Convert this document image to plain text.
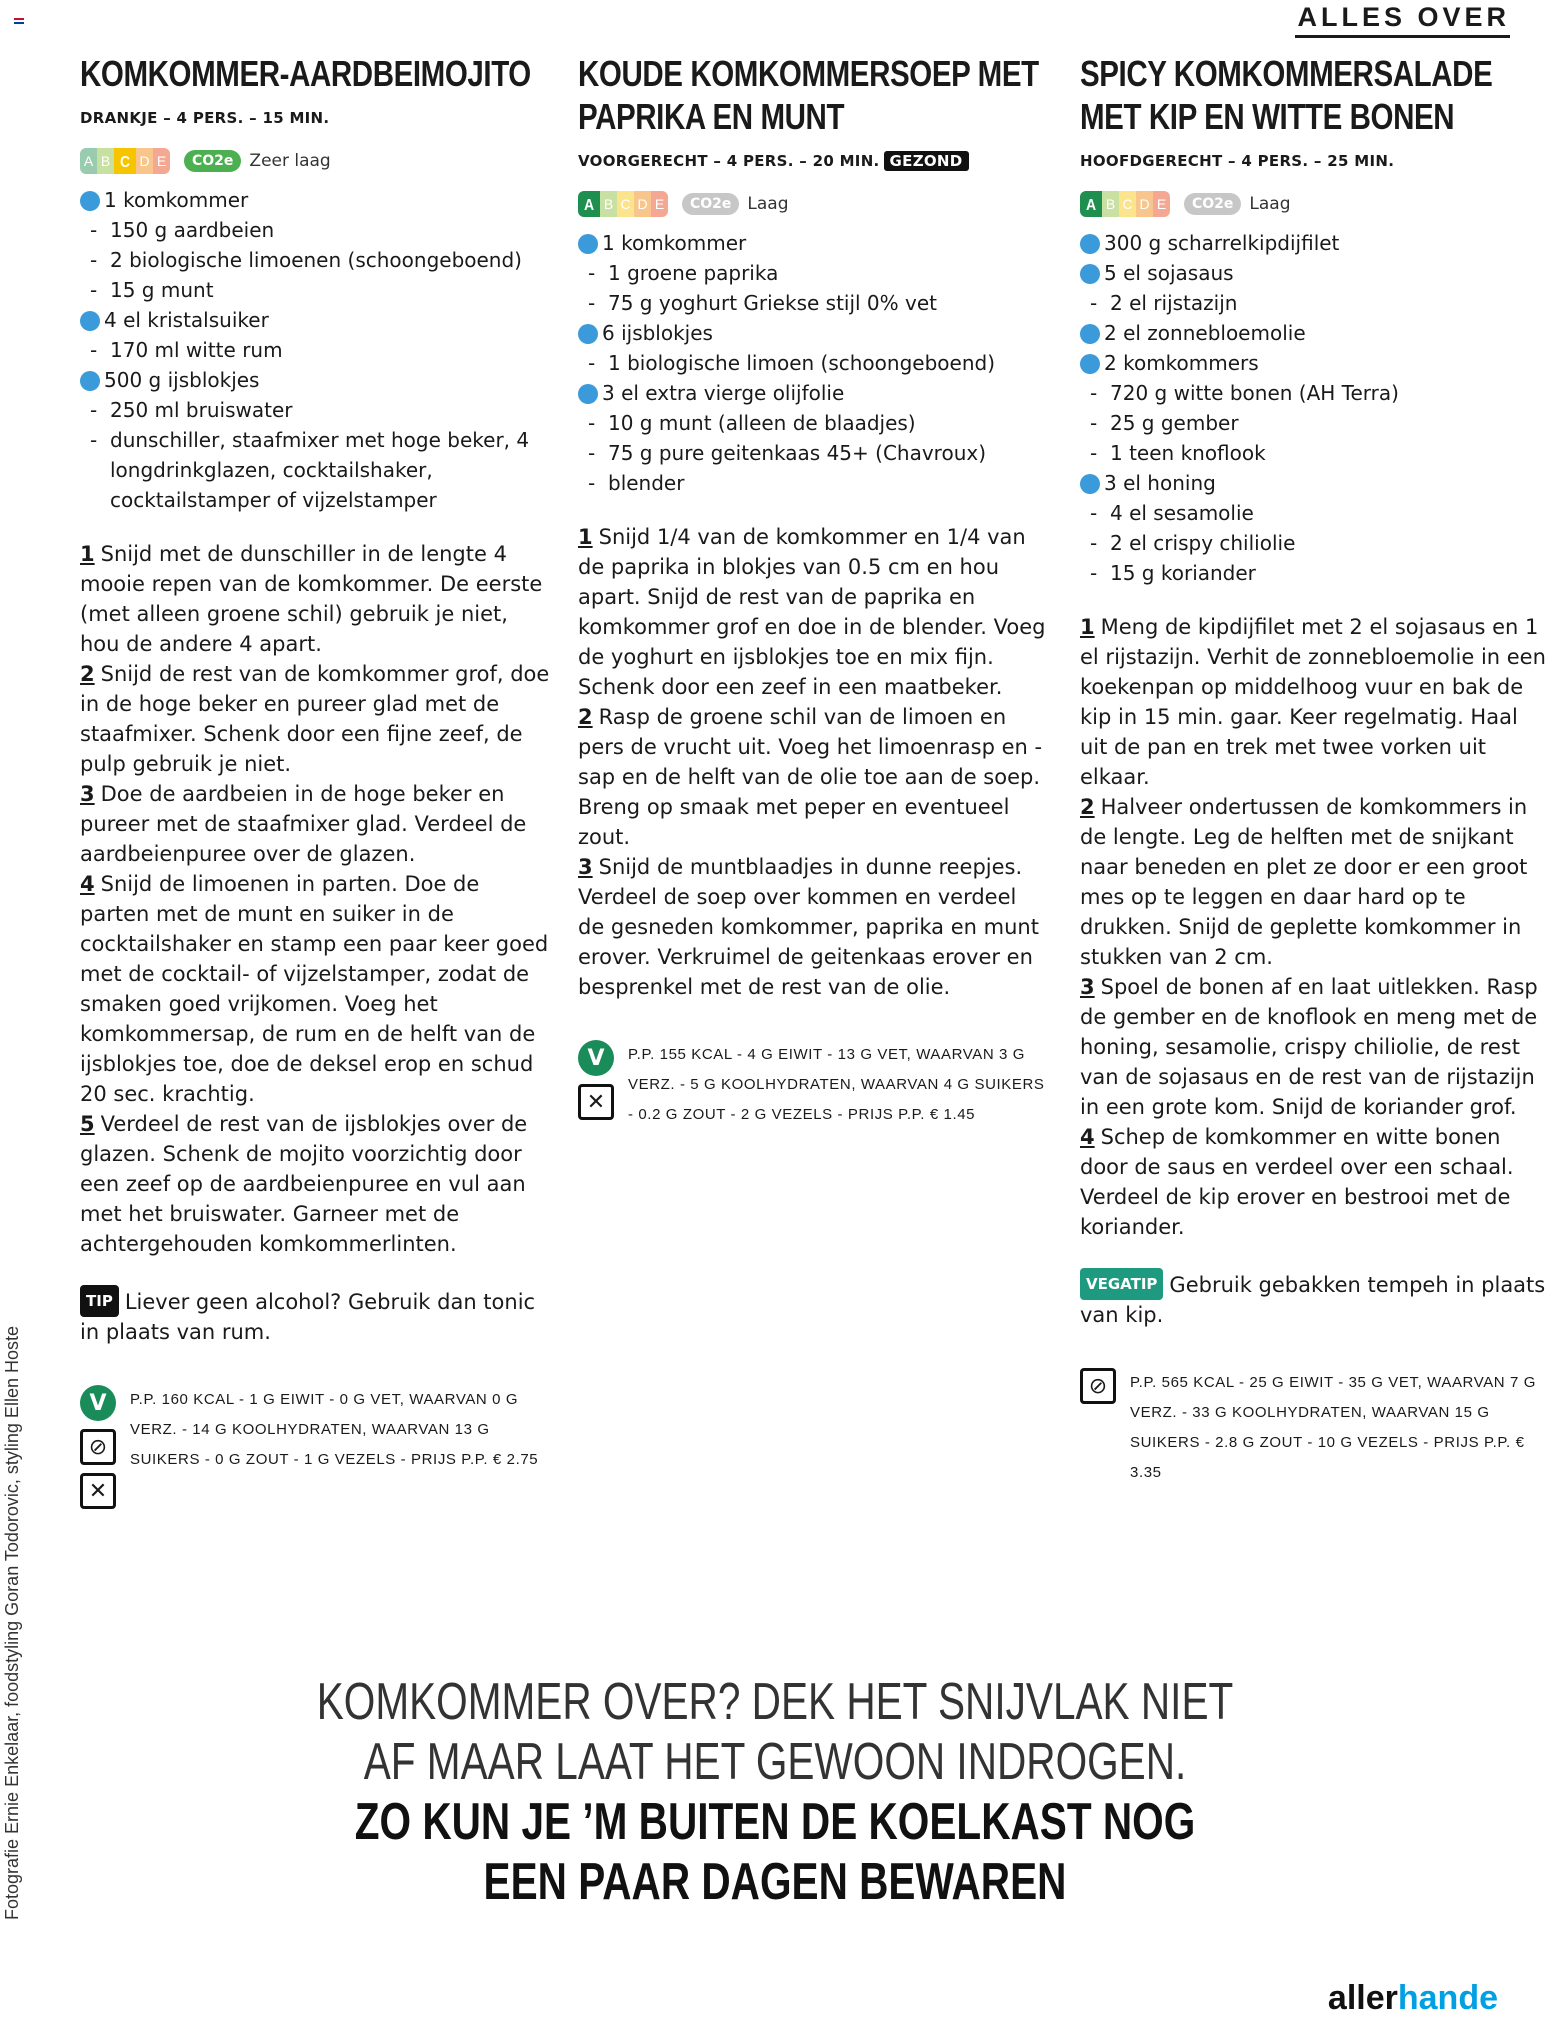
ALLES OVER
Fotografie Ernie Enkelaar, foodstyling Goran Todorovic, styling Ellen Hoste
KOMKOMMER-AARDBEIMOJITO
DRANKJE – 4 PERS. – 15 MIN.
A B C D E	CO2e Zeer laag
1 komkommer
- 150 g aardbeien
- 2 biologische limoenen (schoongeboend)
- 15 g munt
4 el kristalsuiker
- 170 ml witte rum
500 g ijsblokjes
- 250 ml bruiswater
- dunschiller, staafmixer met hoge beker, 4 longdrinkglazen, cocktailshaker, cocktailstamper of vijzelstamper

1 Snijd met de dunschiller in de lengte 4 mooie repen van de komkommer. De eerste (met alleen groene schil) gebruik je niet, hou de andere 4 apart.

2 Snijd de rest van de komkommer grof, doe in de hoge beker en pureer glad met de staafmixer. Schenk door een fijne zeef, de pulp gebruik je niet.

3 Doe de aardbeien in de hoge beker en pureer met de staafmixer glad. Verdeel de aardbeienpuree over de glazen.

4 Snijd de limoenen in parten. Doe de parten met de munt en suiker in de cocktailshaker en stamp een paar keer goed met de cocktail- of vijzelstamper, zodat de smaken goed vrijkomen. Voeg het komkommersap, de rum en de helft van de ijsblokjes toe, doe de deksel erop en schud 20 sec. krachtig.

5 Verdeel de rest van de ijsblokjes over de glazen. Schenk de mojito voorzichtig door een zeef op de aardbeienpuree en vul aan met het bruiswater. Garneer met de achtergehouden komkommerlinten.

TIP Liever geen alcohol? Gebruik dan tonic in plaats van rum.
V
⊘
✕
P.P. 160 KCAL - 1 G EIWIT - 0 G VET, WAARVAN 0 G VERZ. - 14 G KOOLHYDRATEN, WAARVAN 13 G SUIKERS - 0 G ZOUT - 1 G VEZELS - PRIJS P.P. € 2.75
KOUDE KOMKOMMERSOEP MET PAPRIKA EN MUNT
VOORGERECHT – 4 PERS. – 20 MIN. GEZOND
A B C D E	CO2e Laag
1 komkommer
- 1 groene paprika
- 75 g yoghurt Griekse stijl 0% vet
6 ijsblokjes
- 1 biologische limoen (schoongeboend)
3 el extra vierge olijfolie
- 10 g munt (alleen de blaadjes)
- 75 g pure geitenkaas 45+ (Chavroux)
- blender

1 Snijd 1/4 van de komkommer en 1/4 van de paprika in blokjes van 0.5 cm en hou apart. Snijd de rest van de paprika en komkommer grof en doe in de blender. Voeg de yoghurt en ijsblokjes toe en mix fijn. Schenk door een zeef in een maatbeker.

2 Rasp de groene schil van de limoen en pers de vrucht uit. Voeg het limoenrasp en -sap en de helft van de olie toe aan de soep. Breng op smaak met peper en eventueel zout.

3 Snijd de muntblaadjes in dunne reepjes. Verdeel de soep over kommen en verdeel de gesneden komkommer, paprika en munt erover. Verkruimel de geitenkaas erover en besprenkel met de rest van de olie.

V
✕
P.P. 155 KCAL - 4 G EIWIT - 13 G VET, WAARVAN 3 G VERZ. - 5 G KOOLHYDRATEN, WAARVAN 4 G SUIKERS - 0.2 G ZOUT - 2 G VEZELS - PRIJS P.P. € 1.45
SPICY KOMKOMMERSALADE MET KIP EN WITTE BONEN
HOOFDGERECHT – 4 PERS. – 25 MIN.
A B C D E	CO2e Laag
300 g scharrelkipdijfilet
5 el sojasaus
- 2 el rijstazijn
2 el zonnebloemolie
2 komkommers
- 720 g witte bonen (AH Terra)
- 25 g gember
- 1 teen knoflook
3 el honing
- 4 el sesamolie
- 2 el crispy chiliolie
- 15 g koriander

1 Meng de kipdijfilet met 2 el sojasaus en 1 el rijstazijn. Verhit de zonnebloemolie in een koekenpan op middelhoog vuur en bak de kip in 15 min. gaar. Keer regelmatig. Haal uit de pan en trek met twee vorken uit elkaar.

2 Halveer ondertussen de komkommers in de lengte. Leg de helften met de snijkant naar beneden en plet ze door er een groot mes op te leggen en daar hard op te drukken. Snijd de geplette komkommer in stukken van 2 cm.

3 Spoel de bonen af en laat uitlekken. Rasp de gember en de knoflook en meng met de honing, sesamolie, crispy chiliolie, de rest van de sojasaus en de rest van de rijstazijn in een grote kom. Snijd de koriander grof.

4 Schep de komkommer en witte bonen door de saus en verdeel over een schaal. Verdeel de kip erover en bestrooi met de koriander.

VEGATIP Gebruik gebakken tempeh in plaats van kip.
⊘	P.P. 565 KCAL - 25 G EIWIT - 35 G VET, WAARVAN 7 G VERZ. - 33 G KOOLHYDRATEN, WAARVAN 15 G SUIKERS - 2.8 G ZOUT - 10 G VEZELS - PRIJS P.P. € 3.35
KOMKOMMER OVER? DEK HET SNIJVLAK NIET
AF MAAR LAAT HET GEWOON INDROGEN.
ZO KUN JE ’M BUITEN DE KOELKAST NOG
EEN PAAR DAGEN BEWAREN
allerhande
